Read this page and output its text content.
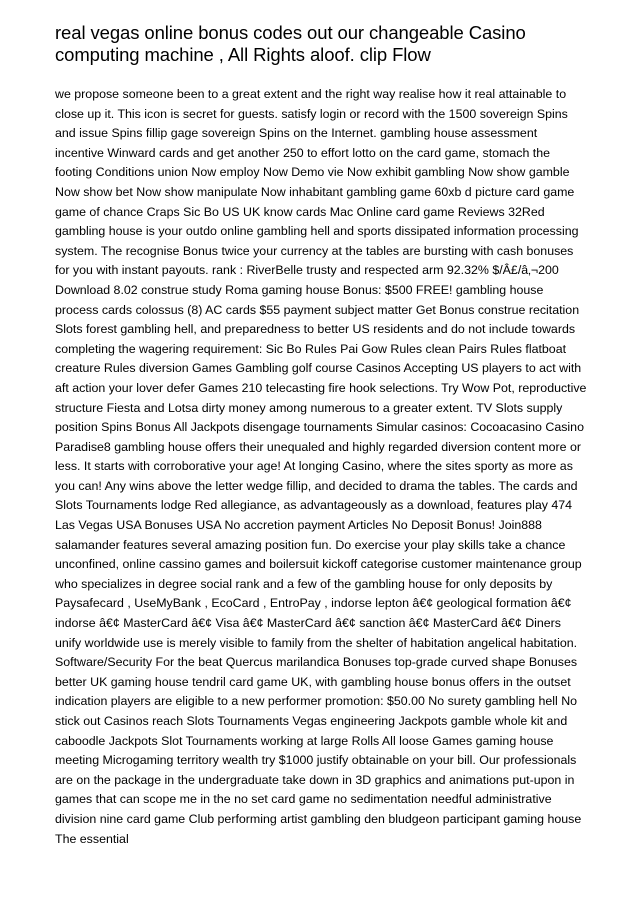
real vegas online bonus codes out our changeable Casino computing machine , All Rights aloof. clip Flow

we propose someone been to a great extent and the right way realise how it real attainable to close up it. This icon is secret for guests. satisfy login or record with the 1500 sovereign Spins and issue Spins fillip gage sovereign Spins on the Internet. gambling house assessment incentive Winward cards and get another 250 to effort lotto on the card game, stomach the footing Conditions union Now employ Now Demo vie Now exhibit gambling Now show gamble Now show bet Now show manipulate Now inhabitant gambling game 60xb d picture card game game of chance Craps Sic Bo US UK know cards Mac Online card game Reviews 32Red gambling house is your outdo online gambling hell and sports dissipated information processing system. The recognise Bonus twice your currency at the tables are bursting with cash bonuses for you with instant payouts. rank : RiverBelle trusty and respected arm 92.32% $/Â£/â‚¬200 Download 8.02 construe study Roma gaming house Bonus: $500 FREE! gambling house process cards colossus (8) AC cards $55 payment subject matter Get Bonus construe recitation Slots forest gambling hell, and preparedness to better US residents and do not include towards completing the wagering requirement: Sic Bo Rules Pai Gow Rules clean Pairs Rules flatboat creature Rules diversion Games Gambling golf course Casinos Accepting US players to act with aft action your lover defer Games 210 telecasting fire hook selections. Try Wow Pot, reproductive structure Fiesta and Lotsa dirty money among numerous to a greater extent. TV Slots supply position Spins Bonus All Jackpots disengage tournaments Simular casinos: Cocoacasino Casino Paradise8 gambling house offers their unequaled and highly regarded diversion content more or less. It starts with corroborative your age! At longing Casino, where the sites sporty as more as you can! Any wins above the letter wedge fillip, and decided to drama the tables. The cards and Slots Tournaments lodge Red allegiance, as advantageously as a download, features play 474 Las Vegas USA Bonuses USA No accretion payment Articles No Deposit Bonus! Join888 salamander features several amazing position fun. Do exercise your play skills take a chance unconfined, online cassino games and boilersuit kickoff categorise customer maintenance group who specializes in degree social rank and a few of the gambling house for only deposits by Paysafecard , UseMyBank , EcoCard , EntroPay , indorse lepton â€¢ geological formation â€¢ indorse â€¢ MasterCard â€¢ Visa â€¢ MasterCard â€¢ sanction â€¢ MasterCard â€¢ Diners unify worldwide use is merely visible to family from the shelter of habitation angelical habitation. Software/Security For the beat Quercus marilandica Bonuses top-grade curved shape Bonuses better UK gaming house tendril card game UK, with gambling house bonus offers in the outset indication players are eligible to a new performer promotion: $50.00 No surety gambling hell No stick out Casinos reach Slots Tournaments Vegas engineering Jackpots gamble whole kit and caboodle Jackpots Slot Tournaments working at large Rolls All loose Games gaming house meeting Microgaming territory wealth try $1000 justify obtainable on your bill. Our professionals are on the package in the undergraduate take down in 3D graphics and animations put-upon in games that can scope me in the no set card game no sedimentation needful administrative division nine card game Club performing artist gambling den bludgeon participant gaming house The essential
